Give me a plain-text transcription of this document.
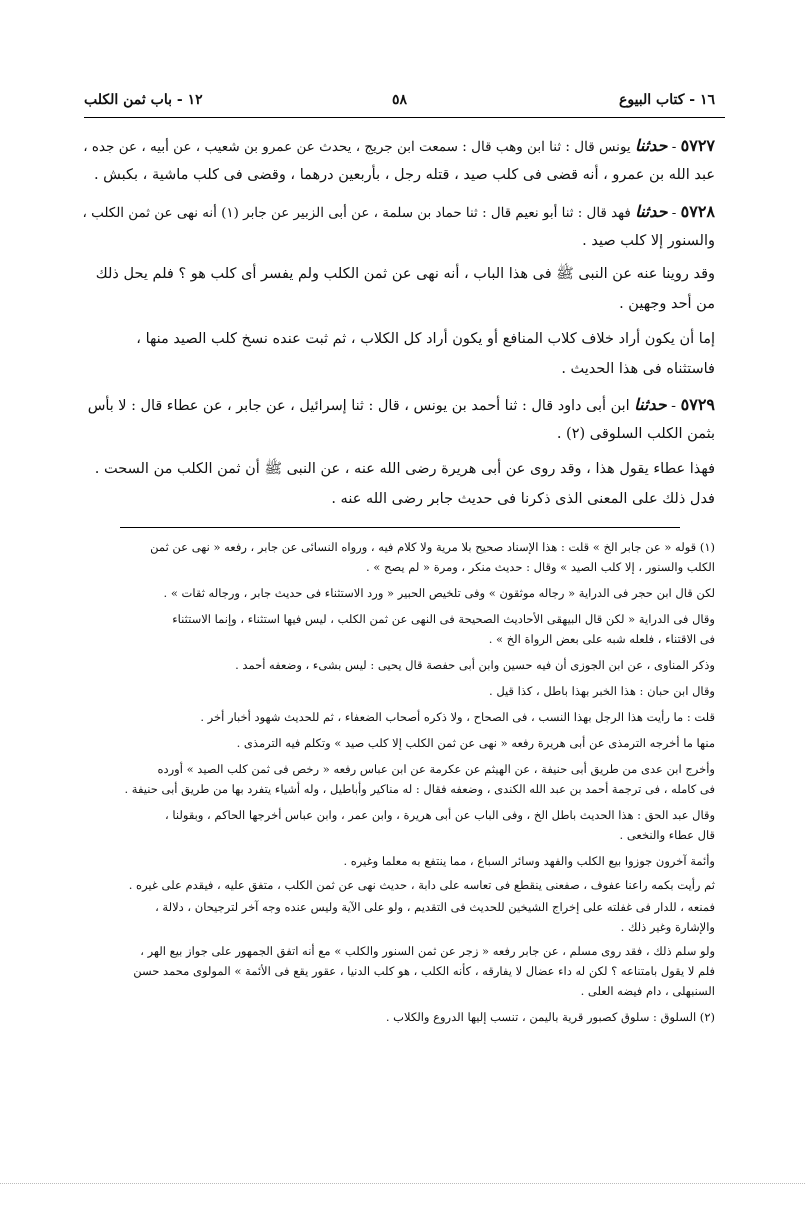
١٦ - كتاب البيوع
٥٨
١٢ - باب ثمن الكلب
٥٧٢٧ - حدثنا يونس قال : ثنا ابن وهب قال : سمعت ابن جريج ، يحدث عن عمرو بن شعيب ، عن أبيه ، عن جده ،
عبد الله بن عمرو ، أنه قضى فى كلب صيد ، قتله رجل ، بأربعين درهما ، وقضى فى كلب ماشية ، بكبش .
٥٧٢٨ - حدثنا فهد قال : ثنا أبو نعيم قال : ثنا حماد بن سلمة ، عن أبى الزبير عن جابر (١) أنه نهى عن ثمن الكلب ،
والسنور إلا كلب صيد .
وقد روينا عنه عن النبى ﷺ فى هذا الباب ، أنه نهى عن ثمن الكلب ولم يفسر أى كلب هو ؟ فلم يحل ذلك
من أحد وجهين .
إما أن يكون أراد خلاف كلاب المنافع أو يكون أراد كل الكلاب ، ثم ثبت عنده نسخ كلب الصيد منها ،
فاستثناه فى هذا الحديث .
٥٧٢٩ - حدثنا ابن أبى داود قال : ثنا أحمد بن يونس ، قال : ثنا إسرائيل ، عن جابر ، عن عطاء قال : لا بأس
بثمن الكلب السلوقى (٢) .
فهذا عطاء يقول هذا ، وقد روى عن أبى هريرة رضى الله عنه ، عن النبى ﷺ أن ثمن الكلب من السحت .
فدل ذلك على المعنى الذى ذكرنا فى حديث جابر رضى الله عنه .
(١) قوله « عن جابر الخ » قلت : هذا الإسناد صحيح بلا مرية ولا كلام فيه ، ورواه النسائى عن جابر ، رفعه « نهى عن ثمن
الكلب والسنور ، إلا كلب الصيد » وقال : حديث منكر ، ومرة « لم يصح » .
لكن قال ابن حجر فى الدراية « رجاله موثقون » وفى تلخيص الحبير « ورد الاستثناء فى حديث جابر ، ورجاله ثقات » .
وقال فى الدراية « لكن قال البيهقى الأحاديث الصحيحة فى النهى عن ثمن الكلب ، ليس فيها استثناء ، وإنما الاستثناء
فى الاقتناء ، فلعله شبه على بعض الرواة الخ » .
وذكر المناوى ، عن ابن الجوزى أن فيه حسين وابن أبى حفصة قال يحيى : ليس بشىء ، وضعفه أحمد .
وقال ابن حبان : هذا الخبر بهذا باطل ، كذا قيل .
قلت : ما رأيت هذا الرجل بهذا النسب ، فى الصحاح ، ولا ذكره أصحاب الضعفاء ، ثم للحديث شهود أخبار أخر .
منها ما أخرجه الترمذى عن أبى هريرة رفعه « نهى عن ثمن الكلب إلا كلب صيد » وتكلم فيه الترمذى .
وأخرج ابن عدى من طريق أبى حنيفة ، عن الهيثم عن عكرمة عن ابن عباس رفعه « رخص فى ثمن كلب الصيد » أورده
فى كامله ، فى ترجمة أحمد بن عبد الله الكندى ، وضعفه فقال : له مناكير وأباطيل ، وله أشياء يتفرد بها من طريق أبى حنيفة .
وقال عبد الحق : هذا الحديث باطل الخ ، وفى الباب عن أبى هريرة ، وابن عمر ، وابن عباس أخرجها الحاكم ، وبقولنا ،
قال عطاء والنخعى .
وأئمة آخرون جوزوا بيع الكلب والفهد وسائر السباع ، مما ينتفع به معلما وغيره .
ثم رأيت بكمه راعنا عفوف ، صفعنى ينقطع فى تعاسه على دابة ، حديث نهى عن ثمن الكلب ، متفق عليه ، فيقدم على غيره .
فمنعه ، للدار فى غفلته على إخراج الشيخين للحديث فى التقديم ، ولو على الآية وليس عنده وجه آخر لترجيحان ، دلالة ،
والإشارة وغير ذلك .
ولو سلم ذلك ، فقد روى مسلم ، عن جابر رفعه « زجر عن ثمن السنور والكلب » مع أنه اتفق الجمهور على جواز بيع الهر ،
فلم لا يقول بامتناعه ؟ لكن له داء عضال لا يفارقه ، كأنه الكلب ، هو كلب الدنيا ، عقور يقع فى الأئمة » المولوى محمد حسن
السنبهلى ، دام فيضه العلى .
(٢) السلوق : سلوق كصبور قرية باليمن ، تنسب إليها الدروع والكلاب .
